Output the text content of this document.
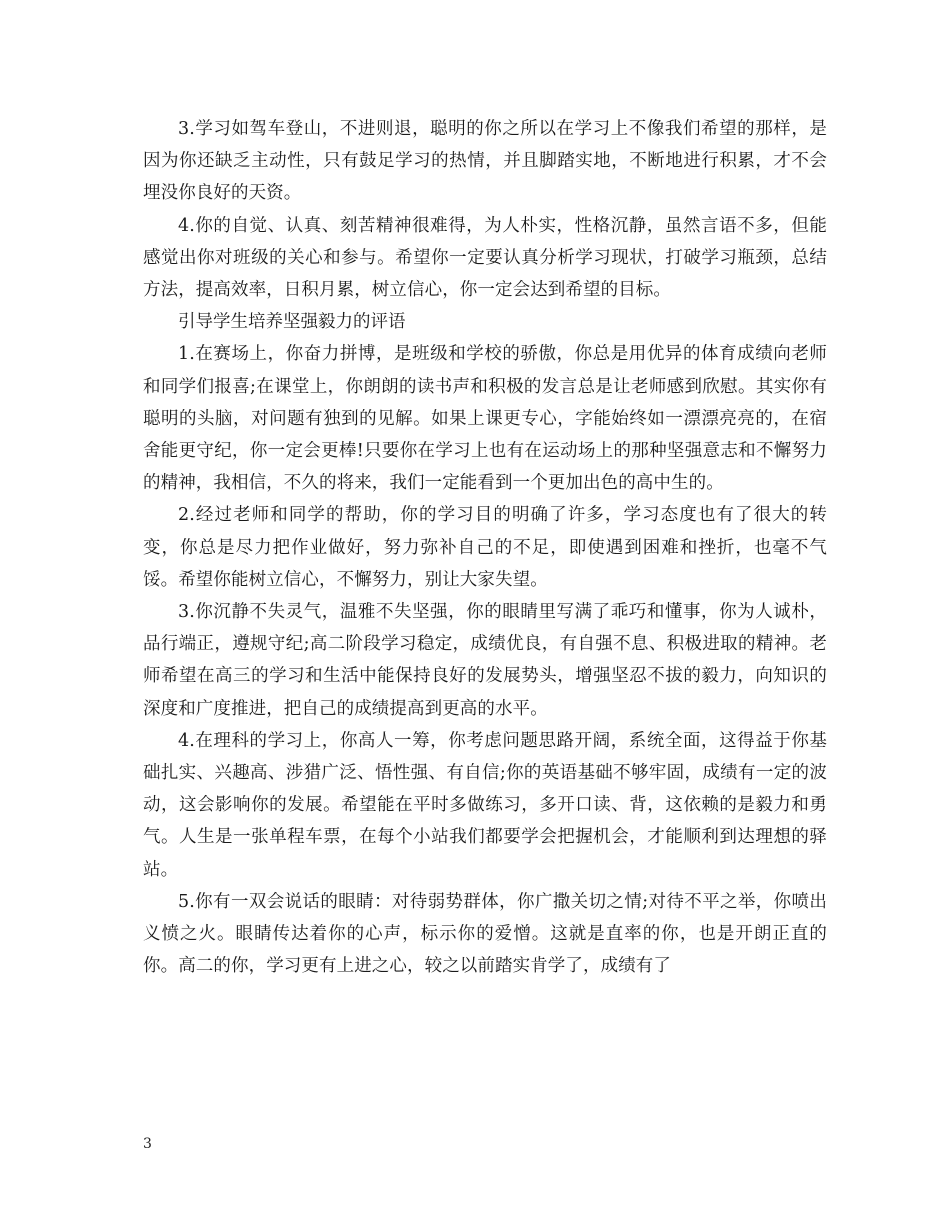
3.学习如驾车登山，不进则退，聪明的你之所以在学习上不像我们希望的那样，是因为你还缺乏主动性，只有鼓足学习的热情，并且脚踏实地，不断地进行积累，才不会埋没你良好的天资。

4.你的自觉、认真、刻苦精神很难得，为人朴实，性格沉静，虽然言语不多，但能感觉出你对班级的关心和参与。希望你一定要认真分析学习现状，打破学习瓶颈，总结方法，提高效率，日积月累，树立信心，你一定会达到希望的目标。

引导学生培养坚强毅力的评语

1.在赛场上，你奋力拼博，是班级和学校的骄傲，你总是用优异的体育成绩向老师和同学们报喜;在课堂上，你朗朗的读书声和积极的发言总是让老师感到欣慰。其实你有聪明的头脑，对问题有独到的见解。如果上课更专心，字能始终如一漂漂亮亮的，在宿舍能更守纪，你一定会更棒!只要你在学习上也有在运动场上的那种坚强意志和不懈努力的精神，我相信，不久的将来，我们一定能看到一个更加出色的高中生的。

2.经过老师和同学的帮助，你的学习目的明确了许多，学习态度也有了很大的转变，你总是尽力把作业做好，努力弥补自己的不足，即使遇到困难和挫折，也毫不气馁。希望你能树立信心，不懈努力，别让大家失望。

3.你沉静不失灵气，温雅不失坚强，你的眼睛里写满了乖巧和懂事，你为人诚朴，品行端正，遵规守纪;高二阶段学习稳定，成绩优良，有自强不息、积极进取的精神。老师希望在高三的学习和生活中能保持良好的发展势头，增强坚忍不拔的毅力，向知识的深度和广度推进，把自己的成绩提高到更高的水平。

4.在理科的学习上，你高人一筹，你考虑问题思路开阔，系统全面，这得益于你基础扎实、兴趣高、涉猎广泛、悟性强、有自信;你的英语基础不够牢固，成绩有一定的波动，这会影响你的发展。希望能在平时多做练习，多开口读、背，这依赖的是毅力和勇气。人生是一张单程车票，在每个小站我们都要学会把握机会，才能顺利到达理想的驿站。

5.你有一双会说话的眼睛：对待弱势群体，你广撒关切之情;对待不平之举，你喷出义愤之火。眼睛传达着你的心声，标示你的爱憎。这就是直率的你，也是开朗正直的你。高二的你，学习更有上进之心，较之以前踏实肯学了，成绩有了

3
